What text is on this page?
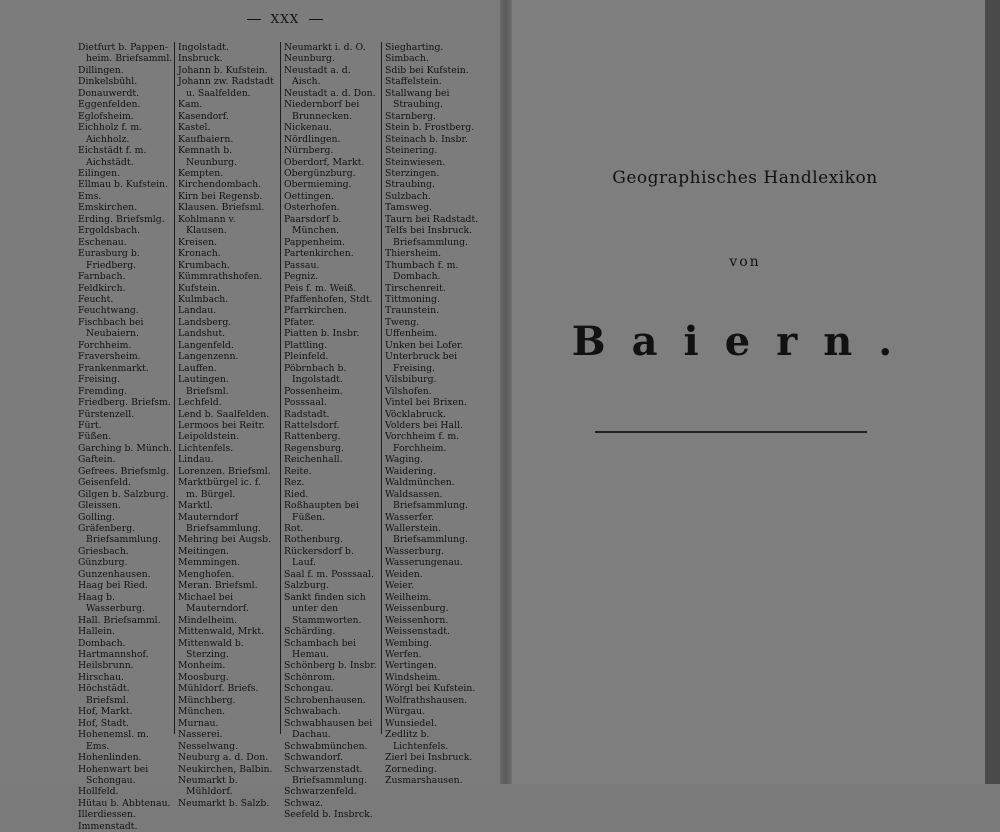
XXX
Dietfurt b. Pappen-heim. Briefsamml.
Dillingen.
Dinkelsbühl.
Donauwerdt.
Eggenfelden.
Eglofsheim.
Eichholz f. m. Aichholz.
Eichstädt f. m. Aichstädt.
Eilingen.
Ellmau b. Kufstein.
Ems.
Emskirchen.
Erding. Briefsmlg.
Ergoldsbach.
Eschenau.
Eurasburg b. Friedberg.
Farnbach.
Feldkirch.
Feucht.
Feuchtwang.
Fischbach bei Neubaiern.
Forchheim.
Fraversheim.
Frankenmarkt.
Freising.
Fremding.
Friedberg. Briefsm.
Fürstenzell.
Fürt.
Füßen.
Garching b. Münch.
Gaftein.
Gefrees. Briefsmlg.
Geisenfeld.
Gilgen b. Salzburg.
Gleissen.
Golling.
Gräfenberg. Briefsammlung.
Griesbach.
Günzburg.
Gunzenhausen.
Haag bei Ried.
Haag b. Wasserburg.
Hall. Briefsamml.
Hallein.
Dombach.
Hartmannshof.
Heilsbrunn.
Hirschau.
Höchstädt. Briefsml.
Hof, Markt.
Hof, Stadt.
Hohenemsl. m. Ems.
Hohenlinden.
Hohenwart bei Schongau.
Hollfeld.
Hütau b. Abbtenau.
Illerdiessen.
Immenstadt.
Ingolstadt.
Insbruck.
Johann b. Kufstein.
Johann zw. Radstadt u. Saalfelden.
Kam.
Kasendorf.
Kastel.
Kaufbaiern.
Kemnath b. Neunburg.
Kempten.
Kirchendombach.
Kirn bei Regensb.
Klausen. Briefsml.
Kohlmann v. Klausen.
Kreisen.
Kronach.
Krumbach.
Kümmrathshofen.
Kufstein.
Kulmbach.
Landau.
Landsberg.
Landshut.
Langenfeld.
Langenzenn.
Lauffen.
Lautingen. Briefsml.
Lechfeld.
Lend b. Saalfelden.
Lermoos bei Reitr.
Leipoldstein.
Lichtenfels.
Lindau.
Lorenzen. Briefsml.
Marktbürgel ic. f. m. Bürgel.
Marktl.
Mauterndorf Briefsammlung.
Mehring bei Augsb.
Meitingen.
Memmingen.
Menghofen.
Meran. Briefsml.
Michael bei Mauterndorf.
Mindelheim.
Mittenwald, Mrkt.
Mittenwald b. Sterzing.
Monheim.
Moosburg.
Mühldorf. Briefs.
Münchberg.
München.
Murnau.
Nasserei.
Nesselwang.
Neuburg a. d. Don.
Neukirchen, Balbin.
Neumarkt b. Mühldorf.
Neumarkt b. Salzb.
Neumarkt i. d. O.
Neunburg.
Neustadt a. d. Aisch.
Neustadt a. d. Don.
Niedernborf bei Brunnecken.
Nickenau.
Nördlingen.
Nürnberg.
Oberdorf, Markt.
Obergünzburg.
Obermieming.
Oettingen.
Osterhofen.
Paarsdorf b. München.
Pappenheim.
Partenkirchen.
Passau.
Pegniz.
Peis f. m. Weiß.
Pfaffenhofen, Stdt.
Pfarrkirchen.
Pfater.
Piatten b. Insbr.
Plattling.
Pleinfeld.
Pöbrnbach b. Ingolstadt.
Possenheim.
Posssaal.
Radstadt.
Rattelsdorf.
Rattenberg.
Regensburg.
Reichenhall.
Reite.
Rez.
Ried.
Roßhaupten bei Füßen.
Rot.
Rothenburg.
Rückersdorf b. Lauf.
Saal f. m. Posssaal.
Salzburg.
Sankt finden sich unter den Stammworten.
Schärding.
Schambach bei Hemau.
Schönberg b. Insbr.
Schönrom.
Schongau.
Schrobenhausen.
Schwabach.
Schwabhausen bei Dachau.
Schwabmünchen.
Schwandorf.
Schwarzenstadt. Briefsammlung.
Schwarzenfeld.
Schwaz.
Seefeld b. Insbrck.
Siegharting.
Simbach.
Sdib bei Kufstein.
Staffelstein.
Stallwang bei Straubing.
Starnberg.
Stein b. Frostberg.
Steinach b. Insbr.
Steinering.
Steinwiesen.
Sterzingen.
Straubing.
Sulzbach.
Tamsweg.
Taurn bei Radstadt.
Telfs bei Insbruck. Briefsammlung.
Thiersheim.
Thumbach f. m. Dombach.
Tirschenreit.
Tittmoning.
Traunstein.
Tweng.
Uffenheim.
Unken bei Lofer.
Unterbruck bei Freising.
Vilsbiburg.
Vilshofen.
Vintel bei Brixen.
Vöcklabruck.
Volders bei Hall.
Vorchheim f. m. Forchheim.
Waging.
Waidering.
Waldmünchen.
Waldsassen. Briefsammlung.
Wasserfer.
Wallerstein. Briefsammlung.
Wasserburg.
Wasserungenau.
Weiden.
Weier.
Weilheim.
Weissenburg.
Weissenhorn.
Weissenstadt.
Wembing.
Werfen.
Wertingen.
Windsheim.
Wörgl bei Kufstein.
Wolfrathshausen.
Würgau.
Wunsiedel.
Zedlitz b. Lichtenfels.
Zierl bei Insbruck.
Zorneding.
Zusmarshausen.
Geographisches Handlexikon
von
Baiern.
